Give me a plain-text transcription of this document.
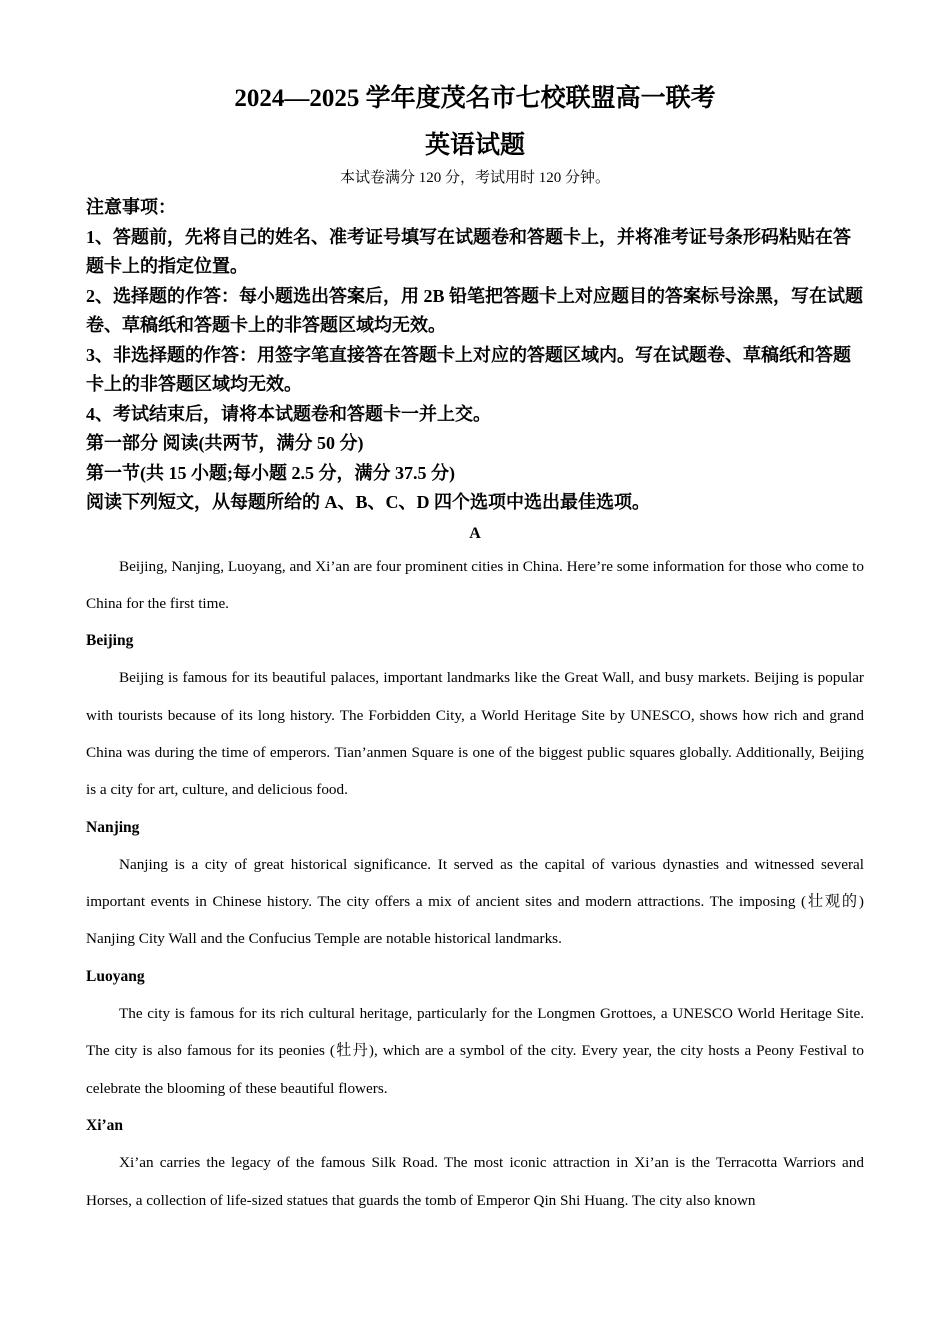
2024—2025 学年度茂名市七校联盟高一联考
英语试题

本试卷满分 120 分，考试用时 120 分钟。

注意事项：

1、答题前，先将自己的姓名、准考证号填写在试题卷和答题卡上，并将准考证号条形码粘贴在答题卡上的指定位置。

2、选择题的作答：每小题选出答案后，用 2B 铅笔把答题卡上对应题目的答案标号涂黑，写在试题卷、草稿纸和答题卡上的非答题区域均无效。

3、非选择题的作答：用签字笔直接答在答题卡上对应的答题区域内。写在试题卷、草稿纸和答题卡上的非答题区域均无效。

4、考试结束后，请将本试题卷和答题卡一并上交。

第一部分 阅读(共两节，满分 50 分)

第一节(共 15 小题;每小题 2.5 分，满分 37.5 分)

阅读下列短文，从每题所给的 A、B、C、D 四个选项中选出最佳选项。

A

Beijing, Nanjing, Luoyang, and Xi’an are four prominent cities in China. Here’re some information for those who come to China for the first time.

Beijing

Beijing is famous for its beautiful palaces, important landmarks like the Great Wall, and busy markets. Beijing is popular with tourists because of its long history. The Forbidden City, a World Heritage Site by UNESCO, shows how rich and grand China was during the time of emperors. Tian’anmen Square is one of the biggest public squares globally. Additionally, Beijing is a city for art, culture, and delicious food.

Nanjing

Nanjing is a city of great historical significance. It served as the capital of various dynasties and witnessed several important events in Chinese history. The city offers a mix of ancient sites and modern attractions. The imposing (壮观的) Nanjing City Wall and the Confucius Temple are notable historical landmarks.

Luoyang

The city is famous for its rich cultural heritage, particularly for the Longmen Grottoes, a UNESCO World Heritage Site. The city is also famous for its peonies (牡丹), which are a symbol of the city. Every year, the city hosts a Peony Festival to celebrate the blooming of these beautiful flowers.

Xi’an

Xi’an carries the legacy of the famous Silk Road. The most iconic attraction in Xi’an is the Terracotta Warriors and Horses, a collection of life-sized statues that guards the tomb of Emperor Qin Shi Huang. The city also known
